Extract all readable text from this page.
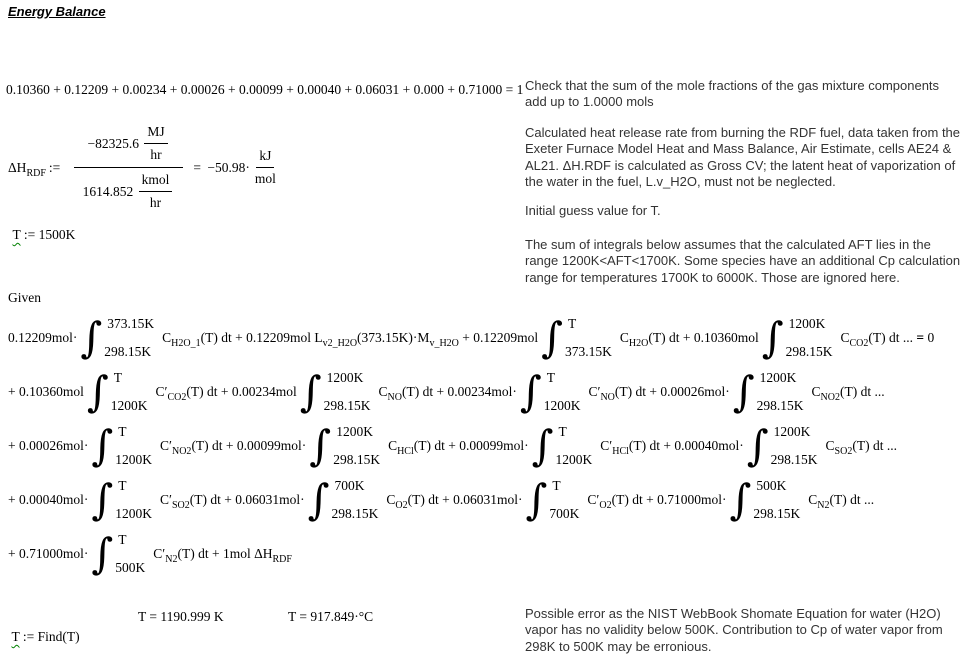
Energy Balance
0.10360 + 0.12209 + 0.00234 + 0.00026 + 0.00099 + 0.00040 + 0.06031 + 0.000 + 0.71000 = 1
$\Delta H_{RDF}$ :=
−82325.6
MJ
hr
1614.852
kmol
hr
= −50.98·
kJ
mol

T := 1500K

Check that the sum of the mole fractions of the gas mixture components
add up to 1.0000 mols
Calculated heat release rate from burning the RDF fuel, data taken from the
Exeter Furnace Model Heat and Mass Balance, Air Estimate, cells AE24 &
AL21. ΔH.RDF is calculated as Gross CV; the latent heat of vaporization of
the water in the fuel, L.v_H2O, must not be neglected.
Initial guess value for T.
The sum of integrals below assumes that the calculated AFT lies in the
range 1200K<AFT<1700K. Some species have an additional Cp calculation
range for temperatures 1700K to 6000K. Those are ignored here.
Possible error as the NIST WebBook Shomate Equation for water (H2O)
vapor has no validity below 500K. Contribution to Cp of water vapor from
298K to 500K may be erronious.
Given
0.12209mol· ∫ 373.15K
298.15K
$C_{H2O\_1}$ (T) dt + 0.12209mol $L_{v2\_H2O}$ $(373.15K)\cdot M_{v\_H2O} + 0.12209mol$ ∫ T
373.15K
$C_{H2O}$ (T) dt + 0.10360mol ∫ 1200K
298.15K
$C_{CO2}$ (T) dt ... = 0
+ 0.10360mol ∫ T
1200K
$C'_{CO2}$ (T) dt + 0.00234mol ∫ 1200K
298.15K
$C_{NO}$ (T) dt + 0.00234mol· ∫ T
1200K
$C'_{NO}$ (T) dt + 0.00026mol· ∫ 1200K
298.15K
$C_{NO2}$ (T) dt ...
+ 0.00026mol· ∫ T
1200K
$C'_{NO2}$ (T) dt + 0.00099mol· ∫ 1200K
298.15K
$C_{HCl}$ (T) dt + 0.00099mol· ∫ T
1200K
$C'_{HCl}$ (T) dt + 0.00040mol· ∫ 1200K
298.15K
$C_{SO2}$ (T) dt ...
+ 0.00040mol· ∫ T
1200K
$C'_{SO2}$ (T) dt + 0.06031mol· ∫ 700K
298.15K
$C_{O2}$ (T) dt + 0.06031mol· ∫ T
700K
$C'_{O2}$ (T) dt + 0.71000mol· ∫ 500K
298.15K
$C_{N2}$ (T) dt ...
+ 0.71000mol· ∫ T
500K
$C'_{N2}$ (T) dt + 1mol $\Delta H_{RDF}$

T := Find(T)

T = 1190.999 K	T = 917.849·°C
